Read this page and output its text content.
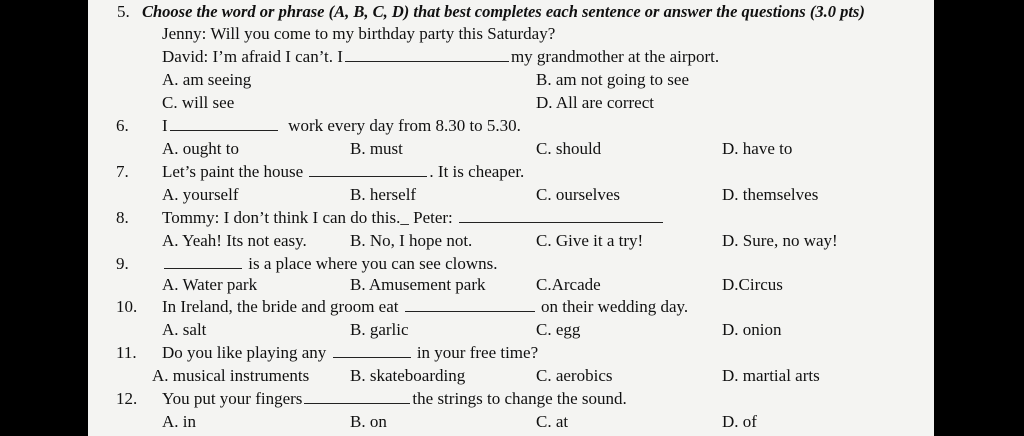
5. Choose the word or phrase (A, B, C, D) that best completes each sentence or answer the questions (3.0 pts)
Jenny: Will you come to my birthday party this Saturday?
David: I’m afraid I can’t. I	my grandmother at the airport.
A. am seeing	B. am not going to see
C. will see	D. All are correct
6. I	work every day from 8.30 to 5.30.
A. ought to	B. must	C. should	D. have to
7. Let’s paint the house	. It is cheaper.
A. yourself	B. herself	C. ourselves	D. themselves
8. Tommy: I don’t think I can do this._ Peter:
A. Yeah! Its not easy.	B. No, I hope not.	C. Give it a try!	D. Sure, no way!
9.	is a place where you can see clowns.
A. Water park	B. Amusement park	C.Arcade	D.Circus
10. In Ireland, the bride and groom eat	on their wedding day.
A. salt	B. garlic	C. egg	D. onion
11. Do you like playing any	in your free time?
A. musical instruments B. skateboarding	C. aerobics	D. martial arts
12. You put your fingers	the strings to change the sound.
A. in	B. on	C. at	D. of
